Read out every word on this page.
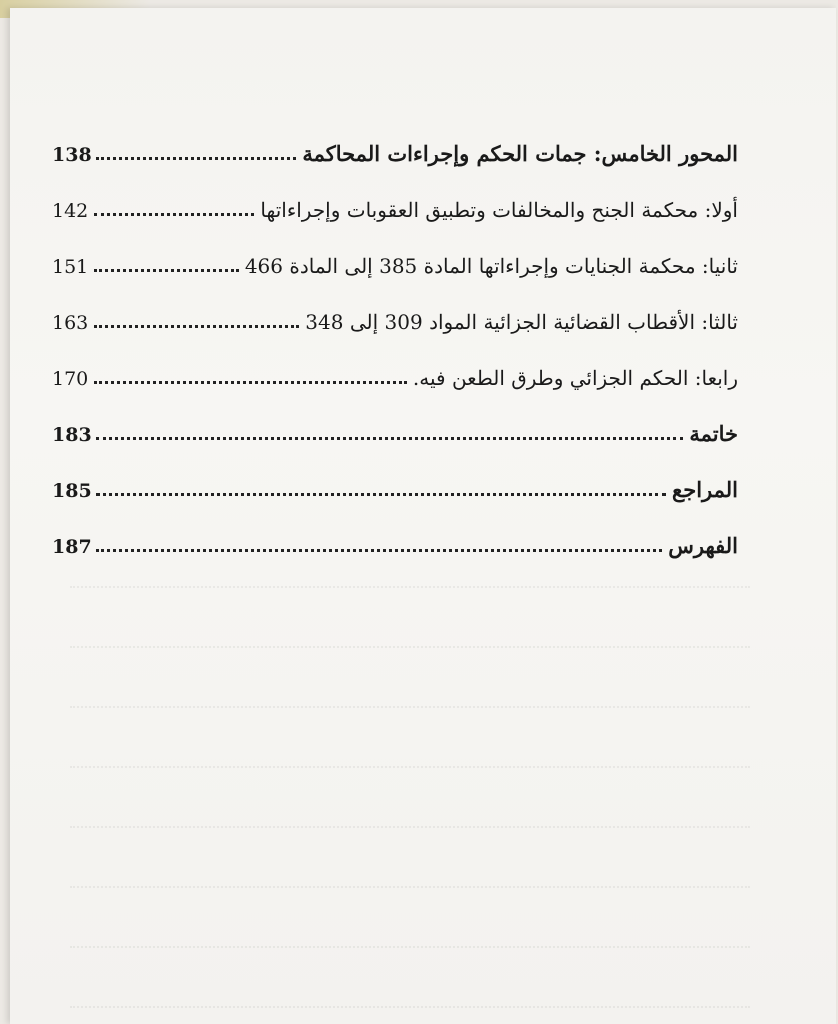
138	المحور الخامس: جمات الحكم وإجراءات المحاكمة
142	أولا: محكمة الجنح والمخالفات وتطبيق العقوبات وإجراءاتها
151	ثانيا: محكمة الجنايات وإجراءاتها المادة 385 إلى المادة 466
163	ثالثا: الأقطاب القضائية الجزائية المواد 309 إلى 348
170	رابعا: الحكم الجزائي وطرق الطعن فيه.
183	خاتمة
185	المراجع
187	الفهرس
